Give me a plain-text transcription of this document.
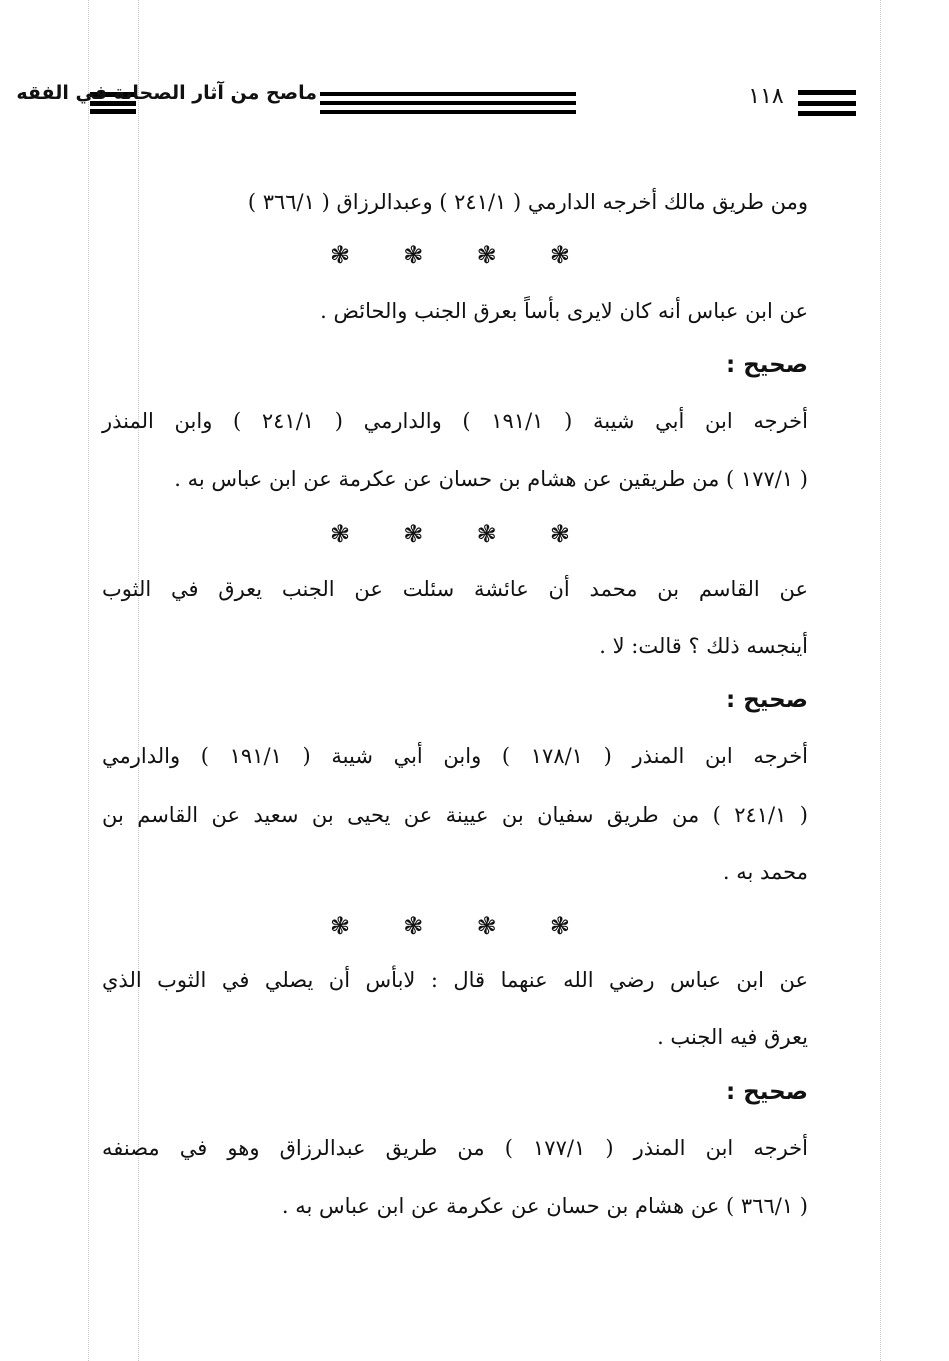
ماصح من آثار الصحابة في الفقه	١١٨
ومن طريق مالك أخرجه الدارمي ( ٢٤١/١ ) وعبدالرزاق ( ٣٦٦/١ )
❃ ❃ ❃ ❃
عن ابن عباس أنه كان لايرى بأساً بعرق الجنب والحائض .
صحيح :
أخرجه ابن أبي شيبة ( ١٩١/١ ) والدارمي ( ٢٤١/١ ) وابن المنذر
( ١٧٧/١ ) من طريقين عن هشام بن حسان عن عكرمة عن ابن عباس به .
❃ ❃ ❃ ❃
عن القاسم بن محمد أن عائشة سئلت عن الجنب يعرق في الثوب
أينجسه ذلك ؟ قالت: لا .
صحيح :
أخرجه ابن المنذر ( ١٧٨/١ ) وابن أبي شيبة ( ١٩١/١ ) والدارمي
( ٢٤١/١ ) من طريق سفيان بن عيينة عن يحيى بن سعيد عن القاسم بن
محمد به .
❃ ❃ ❃ ❃
عن ابن عباس رضي الله عنهما قال : لابأس أن يصلي في الثوب الذي
يعرق فيه الجنب .
صحيح :
أخرجه ابن المنذر ( ١٧٧/١ ) من طريق عبدالرزاق وهو في مصنفه
( ٣٦٦/١ ) عن هشام بن حسان عن عكرمة عن ابن عباس به .
